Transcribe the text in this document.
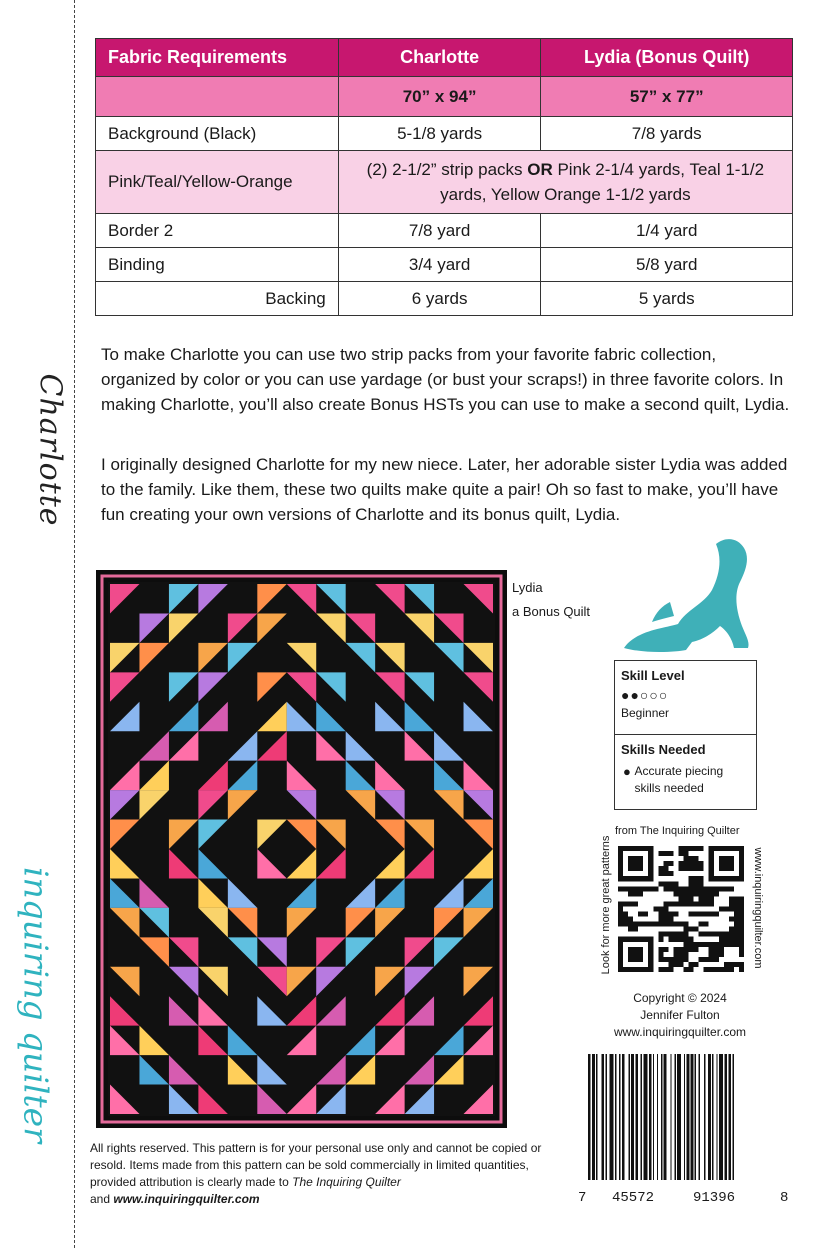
Charlotte
inquiring quilter
Fabric Requirements	Charlotte	Lydia (Bonus Quilt)
	70” x 94”	57” x 77”
Background (Black)	5-1/8 yards	7/8 yards
Pink/Teal/Yellow-Orange	(2) 2-1/2” strip packs OR Pink 2-1/4 yards, Teal 1-1/2 yards, Yellow Orange 1-1/2 yards	
Border 2	7/8 yard	1/4 yard
Binding	3/4 yard	5/8 yard
Backing	6 yards	5 yards

To make Charlotte you can use two strip packs from your favorite fabric collection, organized by color or you can use yardage (or bust your scraps!) in three favorite colors. In making Charlotte, you’ll also create Bonus HSTs you can use to make a second quilt, Lydia.

I originally designed Charlotte for my new niece. Later, her adorable sister Lydia was added to the family. Like them, these two quilts make quite a pair! Oh so fast to make, you’ll have fun creating your own versions of Charlotte and its bonus quilt, Lydia.

Lydia
a Bonus Quilt
Skill Level
●●○○○
Beginner
Skills Needed
● Accurate piecing skills needed
from The Inquiring Quilter
Look for more great patterns	www.inquiringquilter.com
Copyright © 2024
Jennifer Fulton
www.inquiringquilter.com
7 45572	91396	8
All rights reserved. This pattern is for your personal use only and cannot be copied or resold. Items made from this pattern can be sold commercially in limited quantities, provided attribution is clearly made to The Inquiring Quilter
and www.inquiringquilter.com
